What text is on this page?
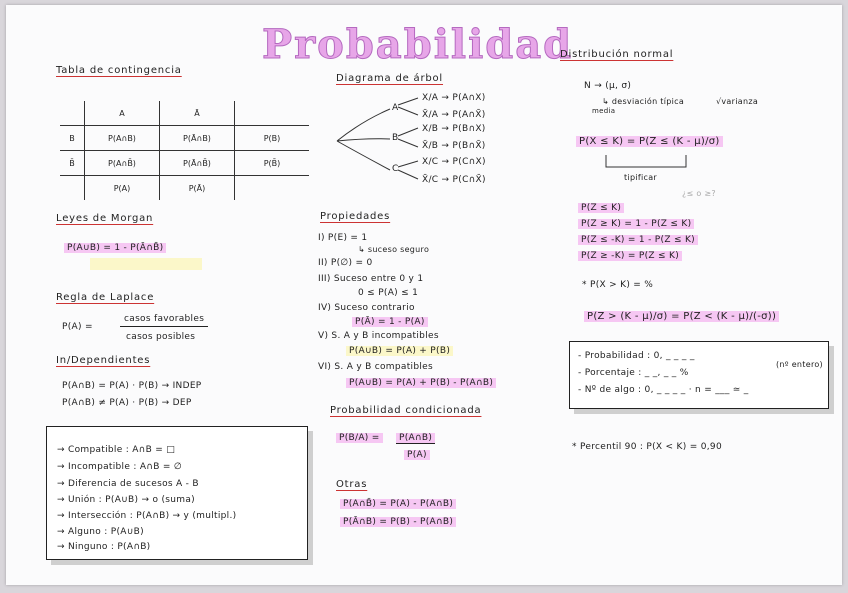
Probabilidad
Tabla de contingencia
	A	Ā	
B	P(A∩B)	P(Ā∩B)	P(B)
B̄	P(A∩B̄)	P(Ā∩B̄)	P(B̄)
	P(A)	P(Ā)	
Leyes de Morgan
P(A∪B) = 1 - P(Ā∩B̄)
Regla de Laplace
P(A) =
casos favorables
casos posibles
In/Dependientes
P(A∩B) = P(A) · P(B) → INDEP
P(A∩B) ≠ P(A) · P(B) → DEP
→ Compatible : A∩B = □
→ Incompatible : A∩B = ∅
→ Diferencia de sucesos A - B
→ Unión : P(A∪B) → o (suma)
→ Intersección : P(A∩B) → y (multipl.)
→ Alguno : P(A∪B)
→ Ninguno : P(A∩B)
Diagrama de árbol
A
B
C
X/A → P(A∩X)
X̄/A → P(A∩X̄)
X/B → P(B∩X)
X̄/B → P(B∩X̄)
X/C → P(C∩X)
X̄/C → P(C∩X̄)
Propiedades
I) P(E) = 1
↳ suceso seguro
II) P(∅) = 0
III) Suceso entre 0 y 1
0 ≤ P(A) ≤ 1
IV) Suceso contrario
P(Ā) = 1 - P(A)
V) S. A y B incompatibles
P(A∪B) = P(A) + P(B)
VI) S. A y B compatibles
P(A∪B) = P(A) + P(B) - P(A∩B)
Probabilidad condicionada
P(B/A) =	P(A∩B)
P(A)
Otras
P(A∩B̄) = P(A) - P(A∩B)
P(Ā∩B) = P(B) - P(A∩B)
Distribución normal
N → (μ, σ)
↳ desviación típica
media
√varianza
P(X ≤ K) = P(Z ≤ (K - μ)/σ)
tipificar
¿≤ o ≥?
P(Z ≤ K)
P(Z ≥ K) = 1 - P(Z ≤ K)
P(Z ≤ -K) = 1 - P(Z ≤ K)
P(Z ≥ -K) = P(Z ≤ K)
* P(X > K) = %
P(Z > (K - μ)/σ) = P(Z < (K - μ)/(-σ))
- Probabilidad : 0, _ _ _ _
- Porcentaje : _ _, _ _ %
- Nº de algo : 0, _ _ _ _ · n = ___ ≃ _
(nº entero)
* Percentil 90 : P(X < K) = 0,90
